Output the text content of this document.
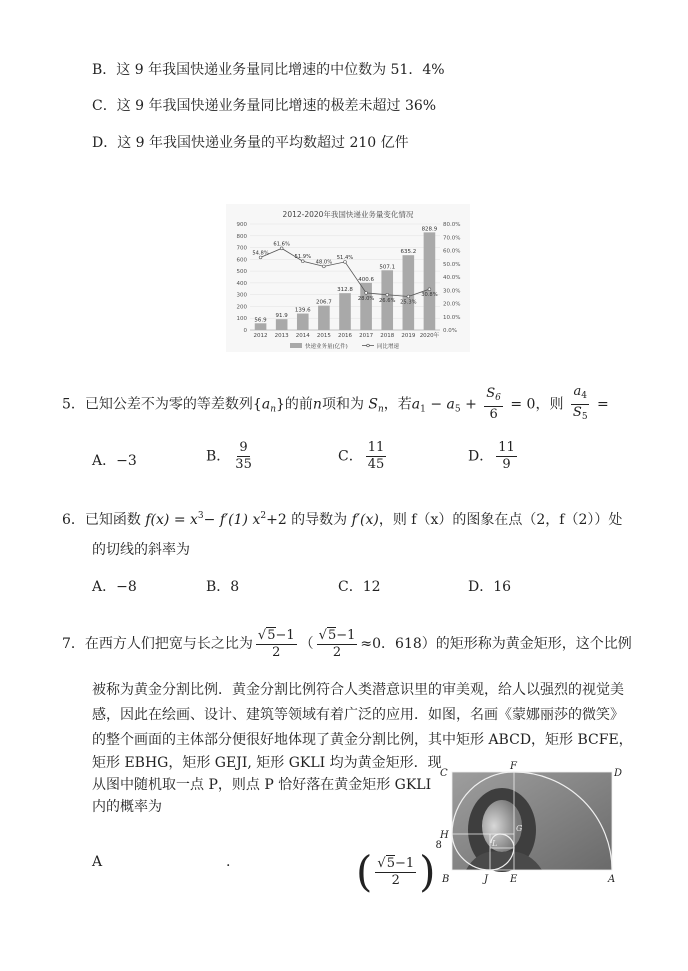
B．这 9 年我国快递业务量同比增速的中位数为 51．4%
C．这 9 年我国快递业务量同比增速的极差未超过 36%
D．这 9 年我国快递业务量的平均数超过 210 亿件
2012-2020年我国快递业务量变化情况
0
100
200
300
400
500
600
700
800
900
0.0%
10.0%
20.0%
30.0%
40.0%
50.0%
60.0%
70.0%
80.0%
56.9
91.9
139.6
206.7
312.8
400.6
507.1
635.2
828.9
54.8%
61.6%
51.9%
48.0%
51.4%
28.0% 26.6% 25.3%
30.8%
2012 2013 2014 2015 2016 2017 2018 2019 2020年
快递业务量(亿件)	同比增速
5．已知公差不为零的等差数列$\{a_n\}$的前n项和为 $S_n$，若$a_1 - a_5 + \frac{S_6}{6} = 0$，则 $\frac{a_4}{S_5}$ =
A．−3	B． $\frac{9}{35}$	C． $\frac{11}{45}$	D． $\frac{11}{9}$
6．已知函数 $f(x) = x^3- f'(1)$ $x^2+2$ 的导数为 f′(x)，则 f（x）的图象在点（2，f（2））处
的切线的斜率为
A．−8	B．8	C．12	D．16
7．在西方人们把宽与长之比为 $\frac{√5-1}{2}$ （ $\frac{√5-1}{2} \approx 0$．618）的矩形称为黄金矩形，这个比例
被称为黄金分割比例．黄金分割比例符合人类潜意识里的审美观，给人以强烈的视觉美
感，因此在绘画、设计、建筑等领域有着广泛的应用．如图，名画《蒙娜丽莎的微笑》
的整个画面的主体部分便很好地体现了黄金分割比例，其中矩形 ABCD，矩形 BCFE，
矩形 EBHG，矩形 GEJI, 矩形 GKLI 均为黄金矩形．现
从图中随机取一点 P，则点 P 恰好落在黄金矩形 GKLI
内的概率为
A	.	( $\frac{√5-1}{2} )^8$
C
F
D
H
B	J E	A
G
L
